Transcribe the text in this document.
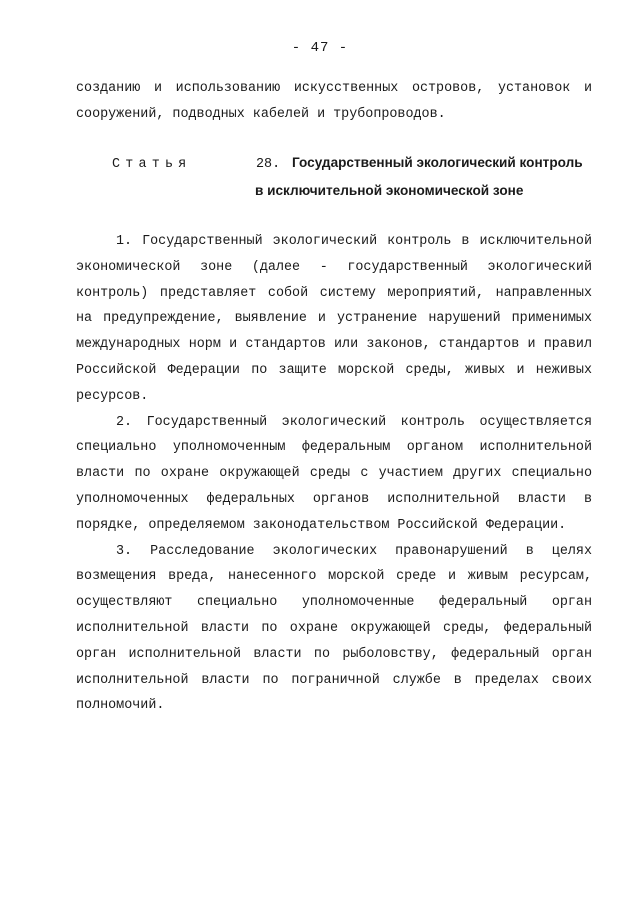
- 47 -

созданию и использованию искусственных островов, установок и сооружений, подводных кабелей и трубопроводов.

Статья	28. Государственный экологический контроль
в исключительной экономической зоне

1. Государственный экологический контроль в исключительной экономической зоне (далее - государственный экологический контроль) представляет собой систему мероприятий, направленных на предупреждение, выявление и устранение нарушений применимых международных норм и стандартов или законов, стандартов и правил Российской Федерации по защите морской среды, живых и неживых ресурсов.

2. Государственный экологический контроль осуществляется специально уполномоченным федеральным органом исполнительной власти по охране окружающей среды с участием других специально уполномоченных федеральных органов исполнительной власти в порядке, определяемом законодательством Российской Федерации.

3. Расследование экологических правонарушений в целях возмещения вреда, нанесенного морской среде и живым ресурсам, осуществляют специально уполномоченные федеральный орган исполнительной власти по охране окружающей среды, федеральный орган исполнительной власти по рыболовству, федеральный орган исполнительной власти по пограничной службе в пределах своих полномочий.
